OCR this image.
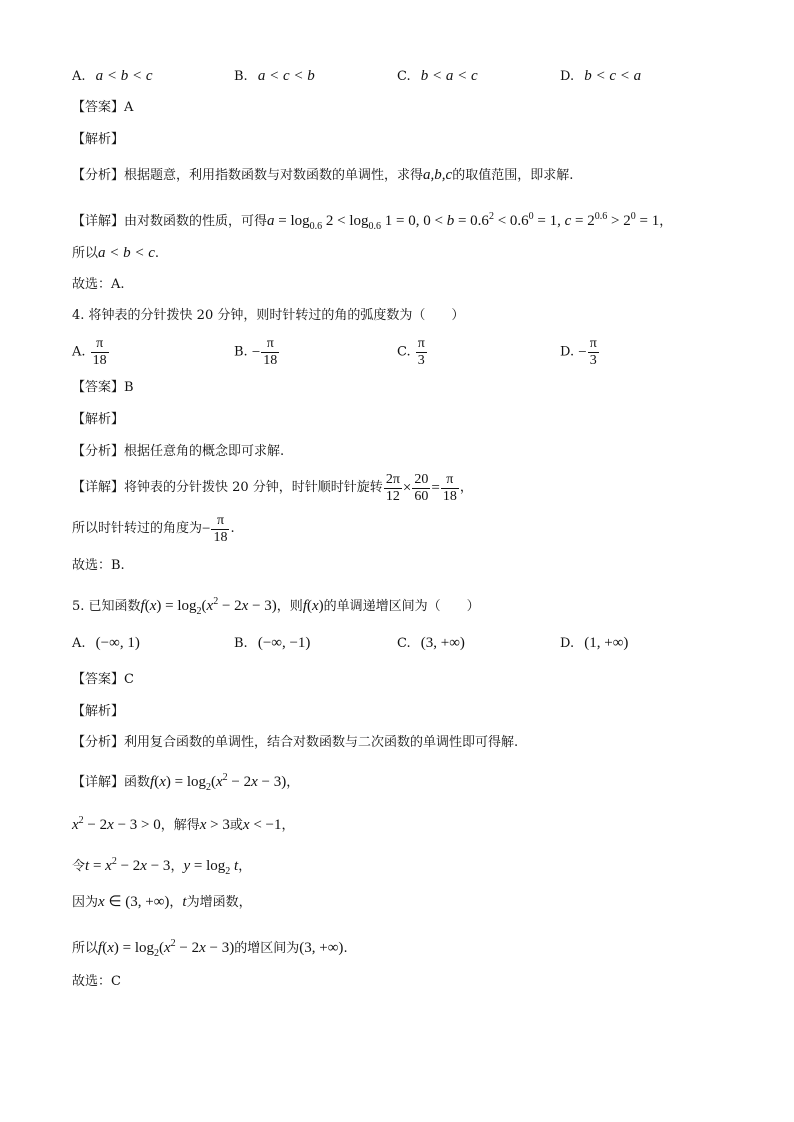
A. a < b < c	B. a < c < b	C. b < a < c	D. b < c < a
【答案】A
【解析】
【分析】根据题意，利用指数函数与对数函数的单调性，求得a,b,c的取值范围，即求解.
【详解】由对数函数的性质，可得$a = \log_{0.6} 2 < \log_{0.6} 1 = 0$, $0 < b = 0.6^2 < 0.6^0 = 1$, $c = 2^{0.6} > 2^0 = 1$，
所以a < b < c.
故选：A.
4. 将钟表的分针拨快 20 分钟，则时针转过的角的弧度数为（　　）
A. $\frac{\pi}{18}$	B. − $\frac{\pi}{18}$	C. $\frac{\pi}{3}$	D. − $\frac{\pi}{3}$
【答案】B
【解析】
【分析】根据任意角的概念即可求解.
【详解】将钟表的分针拨快 20 分钟，时针顺时针旋转 $\frac{2\pi}{12} \times \frac{20}{60} = \frac{\pi}{18}$ ，
所以时针转过的角度为− $\frac{\pi}{18}$ .
故选：B.
5. 已知函数$f(x) = \log_2(x^2 - 2x - 3)$，则f(x)的单调递增区间为（　　）
A. (−∞, 1)	B. (−∞, −1)	C. (3, +∞)	D. (1, +∞)
【答案】C
【解析】
【分析】利用复合函数的单调性，结合对数函数与二次函数的单调性即可得解.
【详解】函数$f(x) = \log_2(x^2 - 2x - 3)$，
$x^2 - 2x - 3 > 0$，解得x > 3或x < −1，
令$t = x^2 - 2x - 3$，$y = \log_2 t$，
因为x ∈ (3, +∞)，t为增函数，
所以$f(x) = \log_2(x^2 - 2x - 3)$的增区间为(3, +∞).
故选：C
